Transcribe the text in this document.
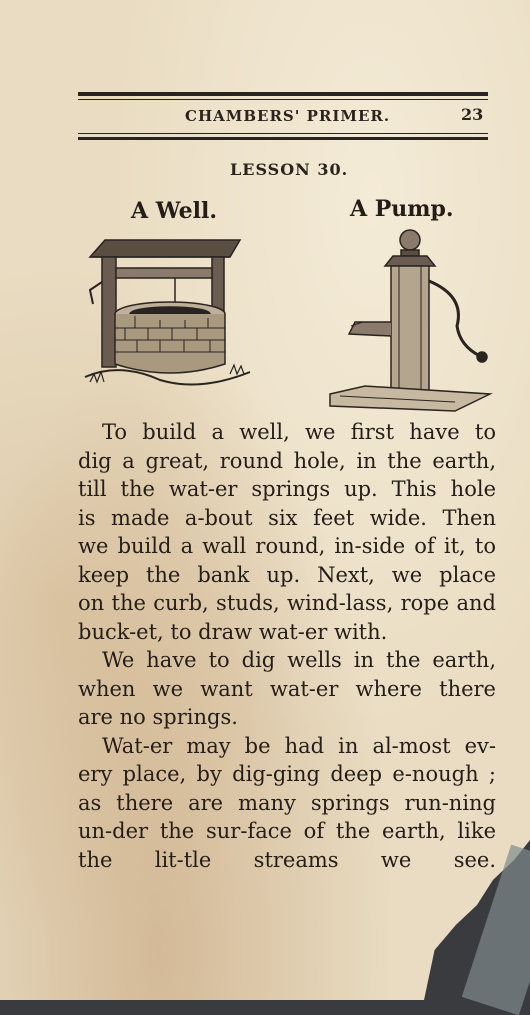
CHAMBERS' PRIMER.	23
LESSON 30.
A Well.	A Pump.

To build a well, we first have to
dig a great, round hole, in the earth,
till the wat-er springs up. This hole
is made a-bout six feet wide. Then
we build a wall round, in-side of it, to
keep the bank up. Next, we place
on the curb, studs, wind-lass, rope and
buck-et, to draw wat-er with.

We have to dig wells in the earth,
when we want wat-er where there
are no springs.

Wat-er may be had in al-most ev-
ery place, by dig-ging deep e-nough ;
as there are many springs run-ning
un-der the sur-face of the earth, like
the lit-tle streams we see.
